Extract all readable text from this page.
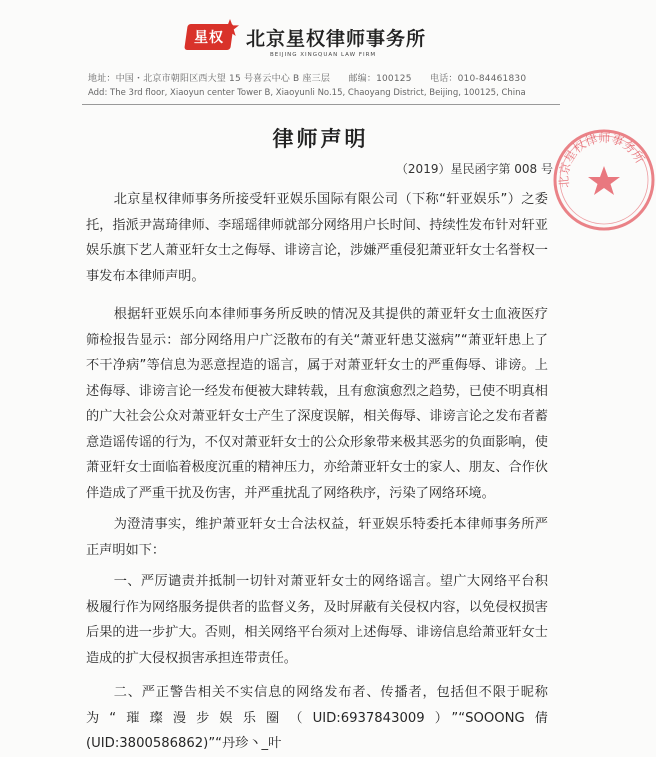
星权 北京星权律师事务所
BEIJING XINGQUAN LAW FIRM
地址：中国・北京市朝阳区西大望 15 号喜云中心 B 座三层　　邮编：100125　　电话：010-84461830
Add: The 3rd floor, Xiaoyun center Tower B, Xiaoyunli No.15, Chaoyang District, Beijing, 100125, China
律师声明
（2019）星民函字第 008 号
北京星权律师事务所接受轩亚娱乐国际有限公司（下称“轩亚娱乐”）之委托，指派尹嵩琦律师、李瑶瑶律师就部分网络用户长时间、持续性发布针对轩亚娱乐旗下艺人萧亚轩女士之侮辱、诽谤言论，涉嫌严重侵犯萧亚轩女士名誉权一事发布本律师声明。
根据轩亚娱乐向本律师事务所反映的情况及其提供的萧亚轩女士血液医疗筛检报告显示：部分网络用户广泛散布的有关“萧亚轩患艾滋病”“萧亚轩患上了不干净病”等信息为恶意捏造的谣言，属于对萧亚轩女士的严重侮辱、诽谤。上述侮辱、诽谤言论一经发布便被大肆转载，且有愈演愈烈之趋势，已使不明真相的广大社会公众对萧亚轩女士产生了深度误解，相关侮辱、诽谤言论之发布者蓄意造谣传谣的行为，不仅对萧亚轩女士的公众形象带来极其恶劣的负面影响，使萧亚轩女士面临着极度沉重的精神压力，亦给萧亚轩女士的家人、朋友、合作伙伴造成了严重干扰及伤害，并严重扰乱了网络秩序，污染了网络环境。
为澄清事实，维护萧亚轩女士合法权益，轩亚娱乐特委托本律师事务所严正声明如下：
一、严厉谴责并抵制一切针对萧亚轩女士的网络谣言。望广大网络平台积极履行作为网络服务提供者的监督义务，及时屏蔽有关侵权内容，以免侵权损害后果的进一步扩大。否则，相关网络平台须对上述侮辱、诽谤信息给萧亚轩女士造成的扩大侵权损害承担连带责任。
二、严正警告相关不实信息的网络发布者、传播者，包括但不限于昵称为“璀璨漫步娱乐圈（UID:6937843009）”“SOOONG倩(UID:3800586862)”“丹珍丶_叶
北京星权律师事务所
